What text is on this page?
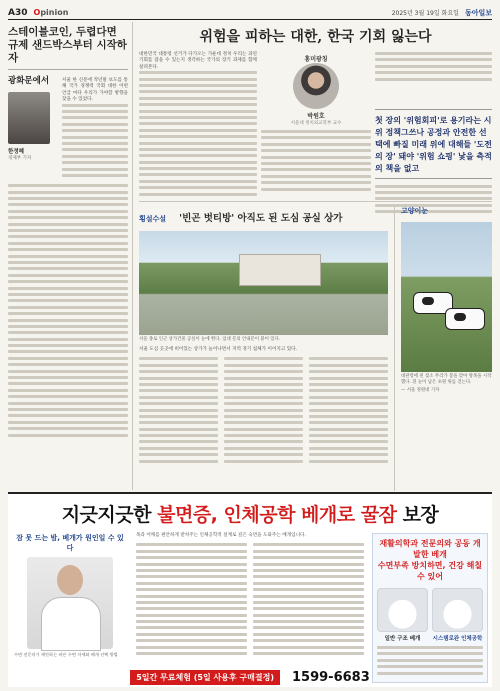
A30 Opinion	2025년 3월 19일 화요일 동아일보
스테이블코인, 두렵다면 규제 샌드박스부터 시작하자
광화문에서
한정혜
경제부 기자
서울 한 신문에 작년말 보도를 통해 국가 경쟁력 국회 대한 어떤 언급 마다 우리가 가야할 방향을 찾을 수 있었다.
위험을 피하는 대한, 한국 기회 잃는다
대한민국 대통령 선거가 다가오는 가운데 정치 우리는 과연 기회를 잡을 수 있는지 생각하는 국가의 장기 과제를 함께 살펴본다.
홍미광칭
박원호
서울대 정치외교학부 교수	첫 장의 '위험회피'로 용기라는 시위 정책그쓰나 공정과 안전한 선택에 빠질 미래 위에 대해들 '도전의 장' 돼야 '위험 쇼핑' 낯을 측적의 책을 없고
횡설수설 '빈곤 벗티방' 아직도 된 도심 공실 상가
서울 종로 인근 상가건물 공실이 눈에 띈다. 임대 문의 안내문이 붙어 있다.
서울 도심 곳곳에 비어있는 상가가 늘어나면서 지역 경기 침체가 이어지고 있다.
고양이눈
대관령에 핀 젖소 무리가 봄을 맞아 방목을 시작했다. 흰 눈이 남은 초원 위를 걷는다.
— 서울 정원대 기자
지긋지긋한 불면증, 인체공학 베개로 꿀잠 보장
잠 못 드는 밤, 베개가 원인일 수 있다
수면 전문의가 제안하는 바른 수면 자세와 베개 선택 방법
목과 어깨를 편안하게 받쳐주는 인체공학적 설계로 깊은 숙면을 도와주는 베개입니다.
재활의학과 전문의와 공동 개발한 베개
수면부족 방치하면, 건강 해칠 수 있어
일반 구조 베개	시스템로완 인체공학
5일간 무료체험 (5일 사용후 구매결정)	1599-6683
